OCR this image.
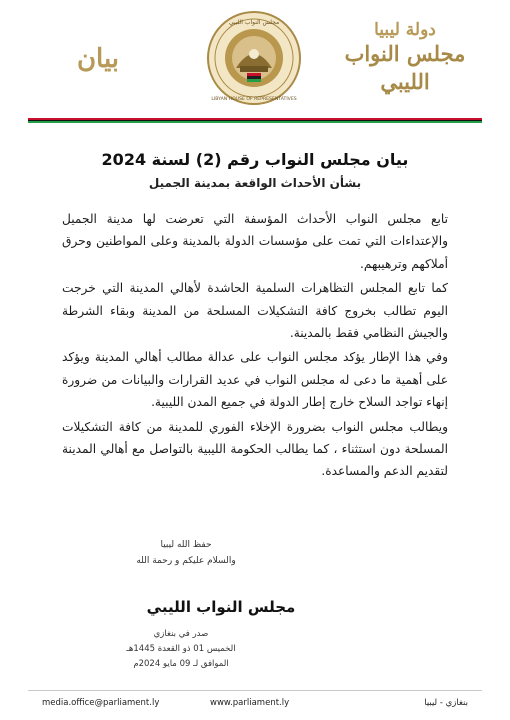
دولة ليبيا
مجلس النواب الليبي
مجلس النواب الليبي
LIBYAN HOUSE OF REPRESENTATIVES
بيان
بيان مجلس النواب رقم (2) لسنة 2024
بشأن الأحداث الواقعة بمدينة الجميل

تابع مجلس النواب الأحداث المؤسفة التي تعرضت لها مدينة الجميل والإعتداءات التي تمت على مؤسسات الدولة بالمدينة وعلى المواطنين وحرق أملاكهم وترهيبهم.

كما تابع المجلس التظاهرات السلمية الحاشدة لأهالي المدينة التي خرجت اليوم تطالب بخروج كافة التشكيلات المسلحة من المدينة وبقاء الشرطة والجيش النظامي فقط بالمدينة.

وفي هذا الإطار يؤكد مجلس النواب على عدالة مطالب أهالي المدينة ويؤكد على أهمية ما دعى له مجلس النواب في عديد القرارات والبيانات من ضرورة إنهاء تواجد السلاح خارج إطار الدولة في جميع المدن الليبية.

ويطالب مجلس النواب بضرورة الإخلاء الفوري للمدينة من كافة التشكيلات المسلحة دون استثناء ، كما يطالب الحكومة الليبية بالتواصل مع أهالي المدينة لتقديم الدعم والمساعدة.

حفظ الله ليبيا
والسلام عليكم و رحمة الله
مجلس النواب الليبي
صدر في بنغازي
الخميس 01 ذو القعدة 1445هـ
الموافق لـ 09 مايو 2024م
media.office@parliament.ly	www.parliament.ly	بنغازي - ليبيا
